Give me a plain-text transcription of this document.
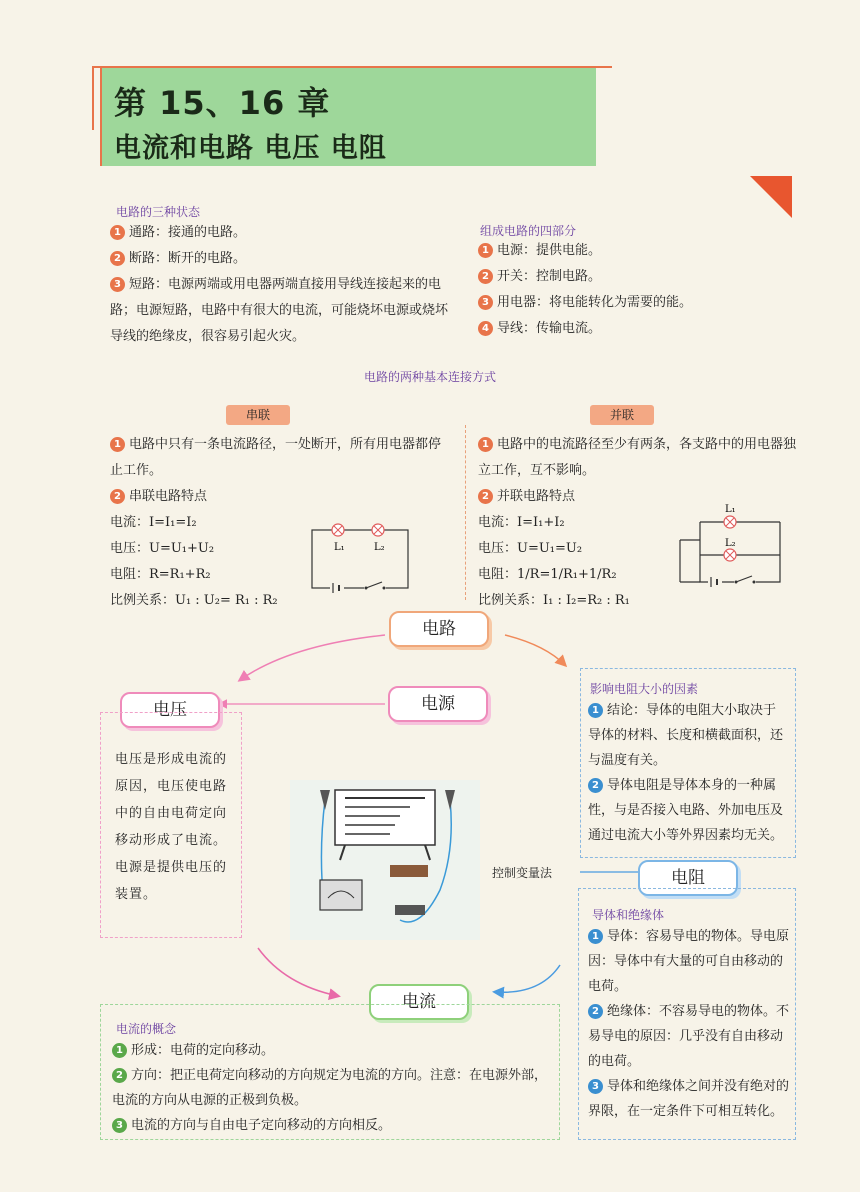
第 15、16 章
电流和电路 电压 电阻
电路的三种状态
1 通路：接通的电路。
2 断路：断开的电路。
3 短路：电源两端或用电器两端直接用导线连接起来的电路；电源短路，电路中有很大的电流，可能烧坏电源或烧坏导线的绝缘皮，很容易引起火灾。
组成电路的四部分
1 电源：提供电能。
2 开关：控制电路。
3 用电器：将电能转化为需要的能。
4 导线：传输电流。
电路的两种基本连接方式
串联
1 电路中只有一条电流路径，一处断开，所有用电器都停止工作。
2 串联电路特点
电流：I=I₁=I₂
电压：U=U₁+U₂
电阻：R=R₁+R₂
比例关系：U₁ : U₂= R₁ : R₂
L₁	L₂
并联
1 电路中的电流路径至少有两条，各支路中的用电器独立工作，互不影响。
2 并联电路特点
电流：I=I₁+I₂
电压：U=U₁=U₂
电阻：1/R=1/R₁+1/R₂
比例关系：I₁ : I₂=R₂ : R₁
L₁
L₂
电路
电源
电压
电阻
电流
控制变量法
电压是形成电流的原因，电压使电路中的自由电荷定向移动形成了电流。电源是提供电压的装置。
影响电阻大小的因素
1 结论：导体的电阻大小取决于导体的材料、长度和横截面积，还与温度有关。
2 导体电阻是导体本身的一种属性，与是否接入电路、外加电压及通过电流大小等外界因素均无关。
导体和绝缘体
1 导体：容易导电的物体。导电原因：导体中有大量的可自由移动的电荷。
2 绝缘体：不容易导电的物体。不易导电的原因：几乎没有自由移动的电荷。
3 导体和绝缘体之间并没有绝对的界限，在一定条件下可相互转化。
电流的概念
1 形成：电荷的定向移动。
2 方向：把正电荷定向移动的方向规定为电流的方向。注意：在电源外部，电流的方向从电源的正极到负极。
3 电流的方向与自由电子定向移动的方向相反。
